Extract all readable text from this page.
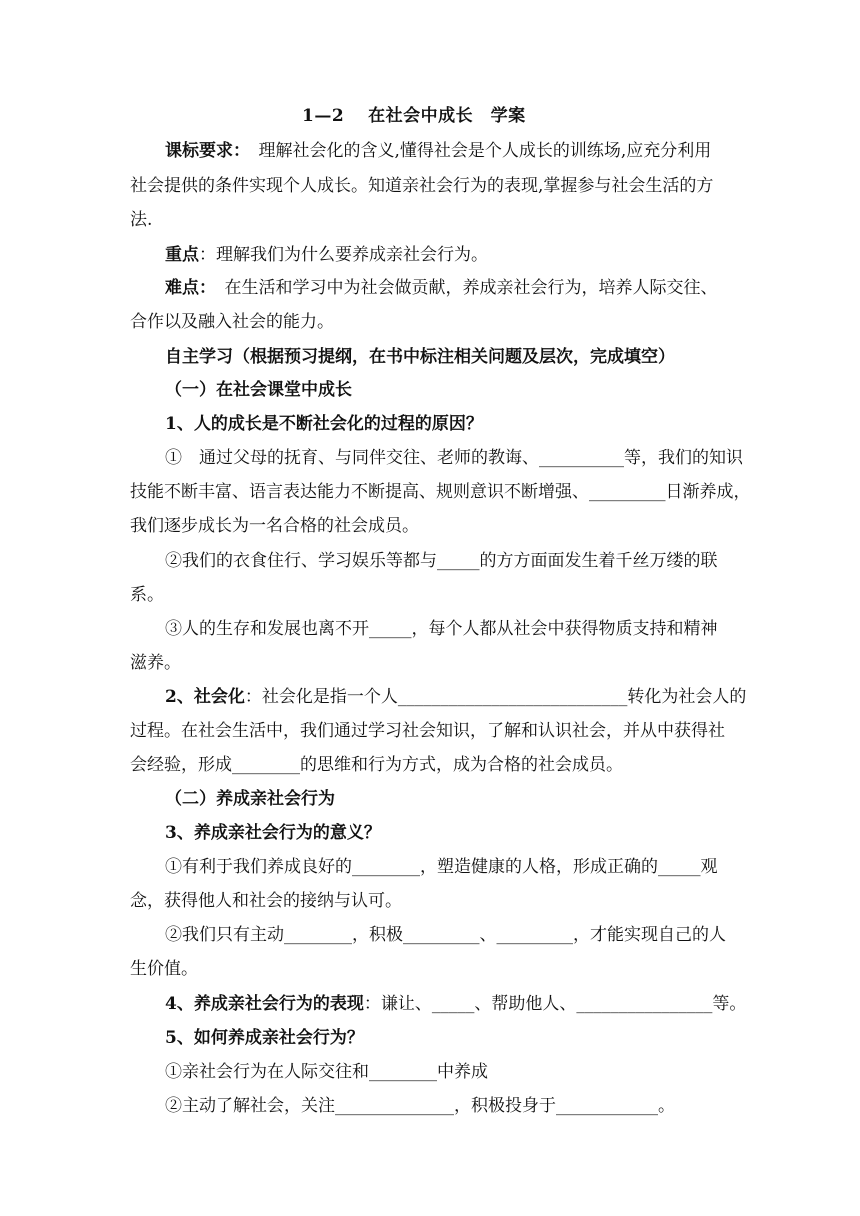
1—2　 在社会中成长　学案
课标要求：　理解社会化的含义,懂得社会是个人成长的训练场,应充分利用
社会提供的条件实现个人成长。知道亲社会行为的表现,掌握参与社会生活的方
法.
重点：理解我们为什么要养成亲社会行为。
难点：　在生活和学习中为社会做贡献，养成亲社会行为，培养人际交往、
合作以及融入社会的能力。
自主学习（根据预习提纲，在书中标注相关问题及层次，完成填空）
（一）在社会课堂中成长
1、人的成长是不断社会化的过程的原因？
①　通过父母的抚育、与同伴交往、老师的教诲、__________等，我们的知识
技能不断丰富、语言表达能力不断提高、规则意识不断增强、_________日渐养成，
我们逐步成长为一名合格的社会成员。
②我们的衣食住行、学习娱乐等都与_____的方方面面发生着千丝万缕的联
系。
③人的生存和发展也离不开_____，每个人都从社会中获得物质支持和精神
滋养。
2、社会化：社会化是指一个人___________________________转化为社会人的
过程。在社会生活中，我们通过学习社会知识，了解和认识社会，并从中获得社
会经验，形成________的思维和行为方式，成为合格的社会成员。
（二）养成亲社会行为
3、养成亲社会行为的意义？
①有利于我们养成良好的________，塑造健康的人格，形成正确的_____观
念，获得他人和社会的接纳与认可。
②我们只有主动________，积极_________、_________，才能实现自己的人
生价值。
4、养成亲社会行为的表现：谦让、_____、帮助他人、________________等。
5、如何养成亲社会行为？
①亲社会行为在人际交往和________中养成
②主动了解社会，关注______________，积极投身于____________。
